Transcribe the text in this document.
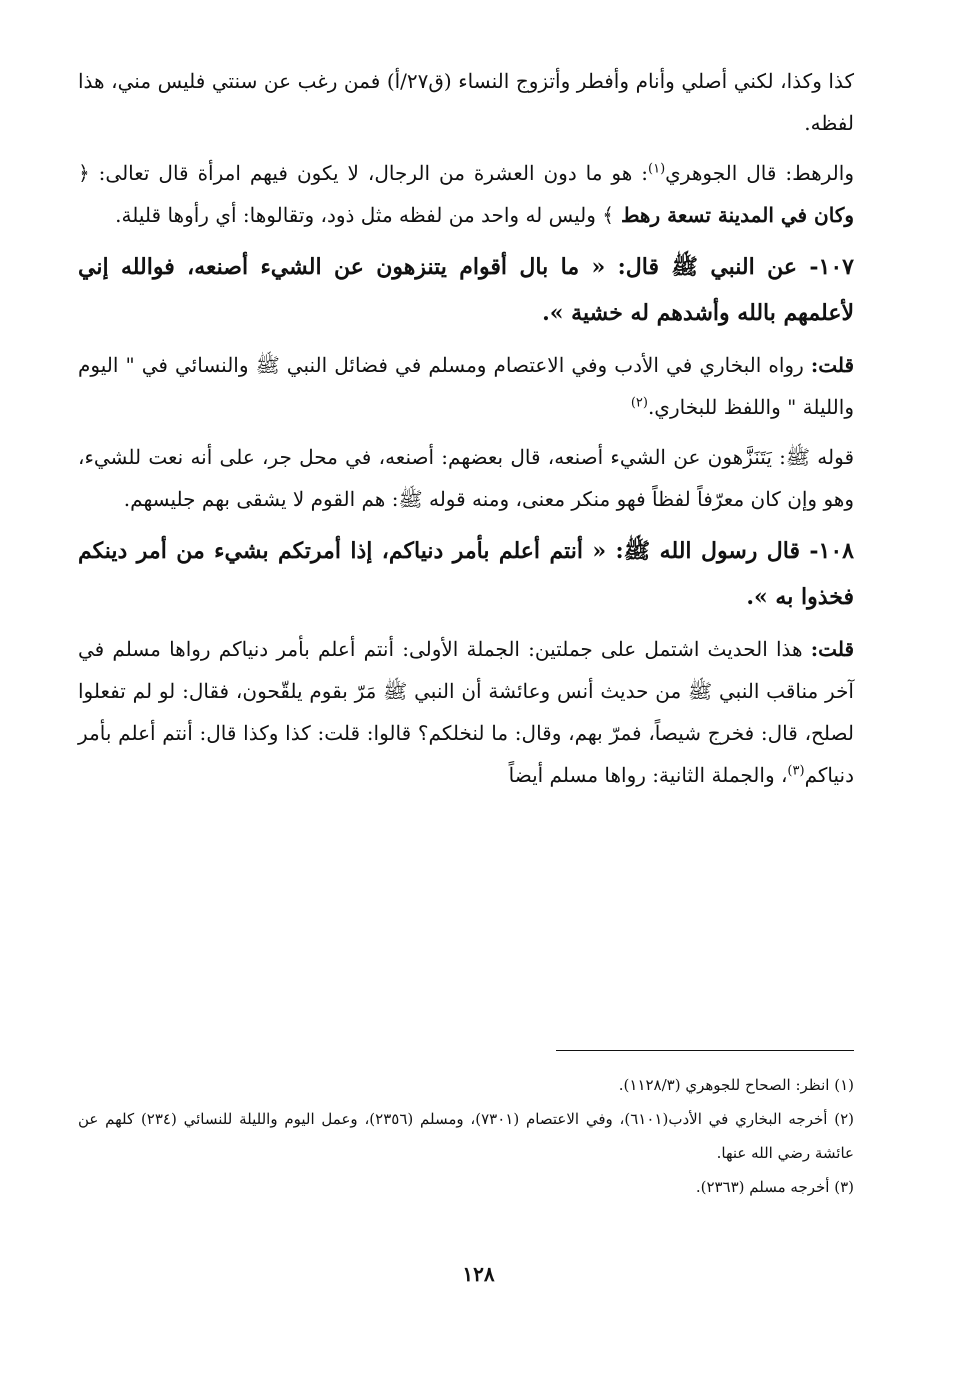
كذا وكذا، لكني أصلي وأنام وأفطر وأتزوج النساء (ق٢٧/أ) فمن رغب عن سنتي فليس مني، هذا لفظه.

والرهط: قال الجوهري$^{(١)}$: هو ما دون العشرة من الرجال، لا يكون فيهم امرأة قال تعالى: ﴿ وكان في المدينة تسعة رهط ﴾ وليس له واحد من لفظه مثل ذود، وتقالوها: أي رأوها قليلة.

١٠٧- عن النبي ﷺ قال: « ما بال أقوام يتنزهون عن الشيء أصنعه، فوالله إني لأعلمهم بالله وأشدهم له خشية ».

قلت: رواه البخاري في الأدب وفي الاعتصام ومسلم في فضائل النبي ﷺ والنسائي في " اليوم والليلة " واللفظ للبخاري.$^{(٢)}$

قوله ﷺ: يَتَنَزَّهون عن الشيء أصنعه، قال بعضهم: أصنعه، في محل جر، على أنه نعت للشيء، وهو وإن كان معرّفاً لفظاً فهو منكر معنى، ومنه قوله ﷺ: هم القوم لا يشقى بهم جليسهم.

١٠٨- قال رسول الله ﷺ: « أنتم أعلم بأمر دنياكم، إذا أمرتكم بشيء من أمر دينكم فخذوا به ».

قلت: هذا الحديث اشتمل على جملتين: الجملة الأولى: أنتم أعلم بأمر دنياكم رواها مسلم في آخر مناقب النبي ﷺ من حديث أنس وعائشة أن النبي ﷺ مَرّ بقوم يلقّحون، فقال: لو لم تفعلوا لصلح، قال: فخرج شيصاً، فمرّ بهم، وقال: ما لنخلكم؟ قالوا: قلت: كذا وكذا قال: أنتم أعلم بأمر دنياكم$^{(٣)}$، والجملة الثانية: رواها مسلم أيضاً

(١) انظر: الصحاح للجوهري (١١٢٨/٣).

(٢) أخرجه البخاري في الأدب(٦١٠١)، وفي الاعتصام (٧٣٠١)، ومسلم (٢٣٥٦)، وعمل اليوم والليلة للنسائي (٢٣٤) كلهم عن عائشة رضي الله عنها.

(٣) أخرجه مسلم (٢٣٦٣).

١٢٨
